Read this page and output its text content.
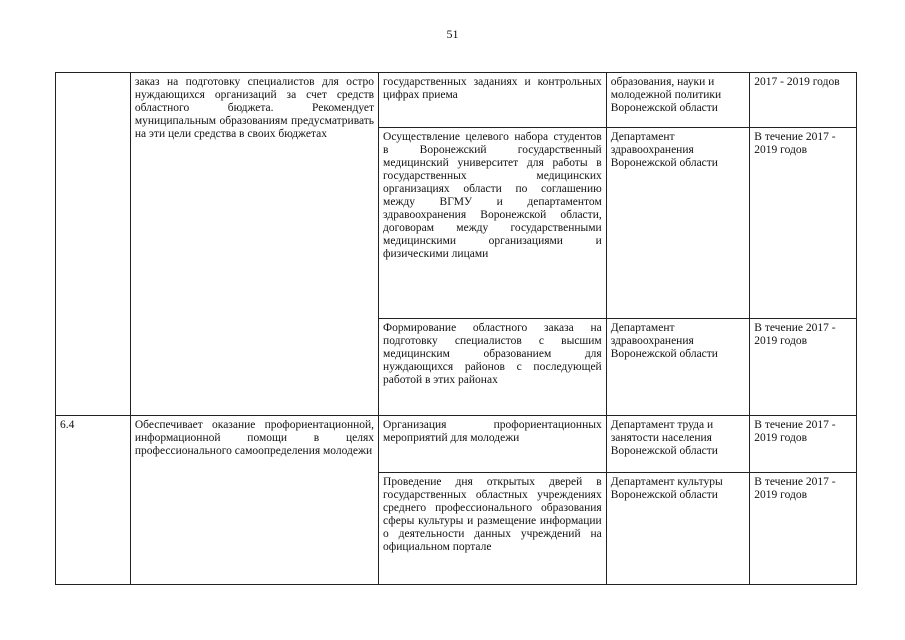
51
	заказ на подготовку специалистов для остро нуждающихся организаций за счет средств областного бюджета. Рекомендует муниципальным образованиям предусматривать на эти цели средства в своих бюджетах	государственных заданиях и контрольных цифрах приема	образования, науки и молодежной политики Воронежской области	2017 - 2019 годов
		Осуществление целевого набора студентов в Воронежский государственный медицинский университет для работы в государственных медицинских организациях области по соглашению между ВГМУ и департаментом здравоохранения Воронежской области, договорам между государственными медицинскими организациями и физическими лицами	Департамент здравоохранения Воронежской области	В течение 2017 - 2019 годов
		Формирование областного заказа на подготовку специалистов с высшим медицинским образованием для нуждающихся районов с последующей работой в этих районах	Департамент здравоохранения Воронежской области	В течение 2017 - 2019 годов
6.4	Обеспечивает оказание профориентационной, информационной помощи в целях профессионального самоопределения молодежи	Организация профориентационных мероприятий для молодежи	Департамент труда и занятости населения Воронежской области	В течение 2017 - 2019 годов
		Проведение дня открытых дверей в государственных областных учреждениях среднего профессионального образования сферы культуры и размещение информации о деятельности данных учреждений на официальном портале	Департамент культуры Воронежской области	В течение 2017 - 2019 годов
